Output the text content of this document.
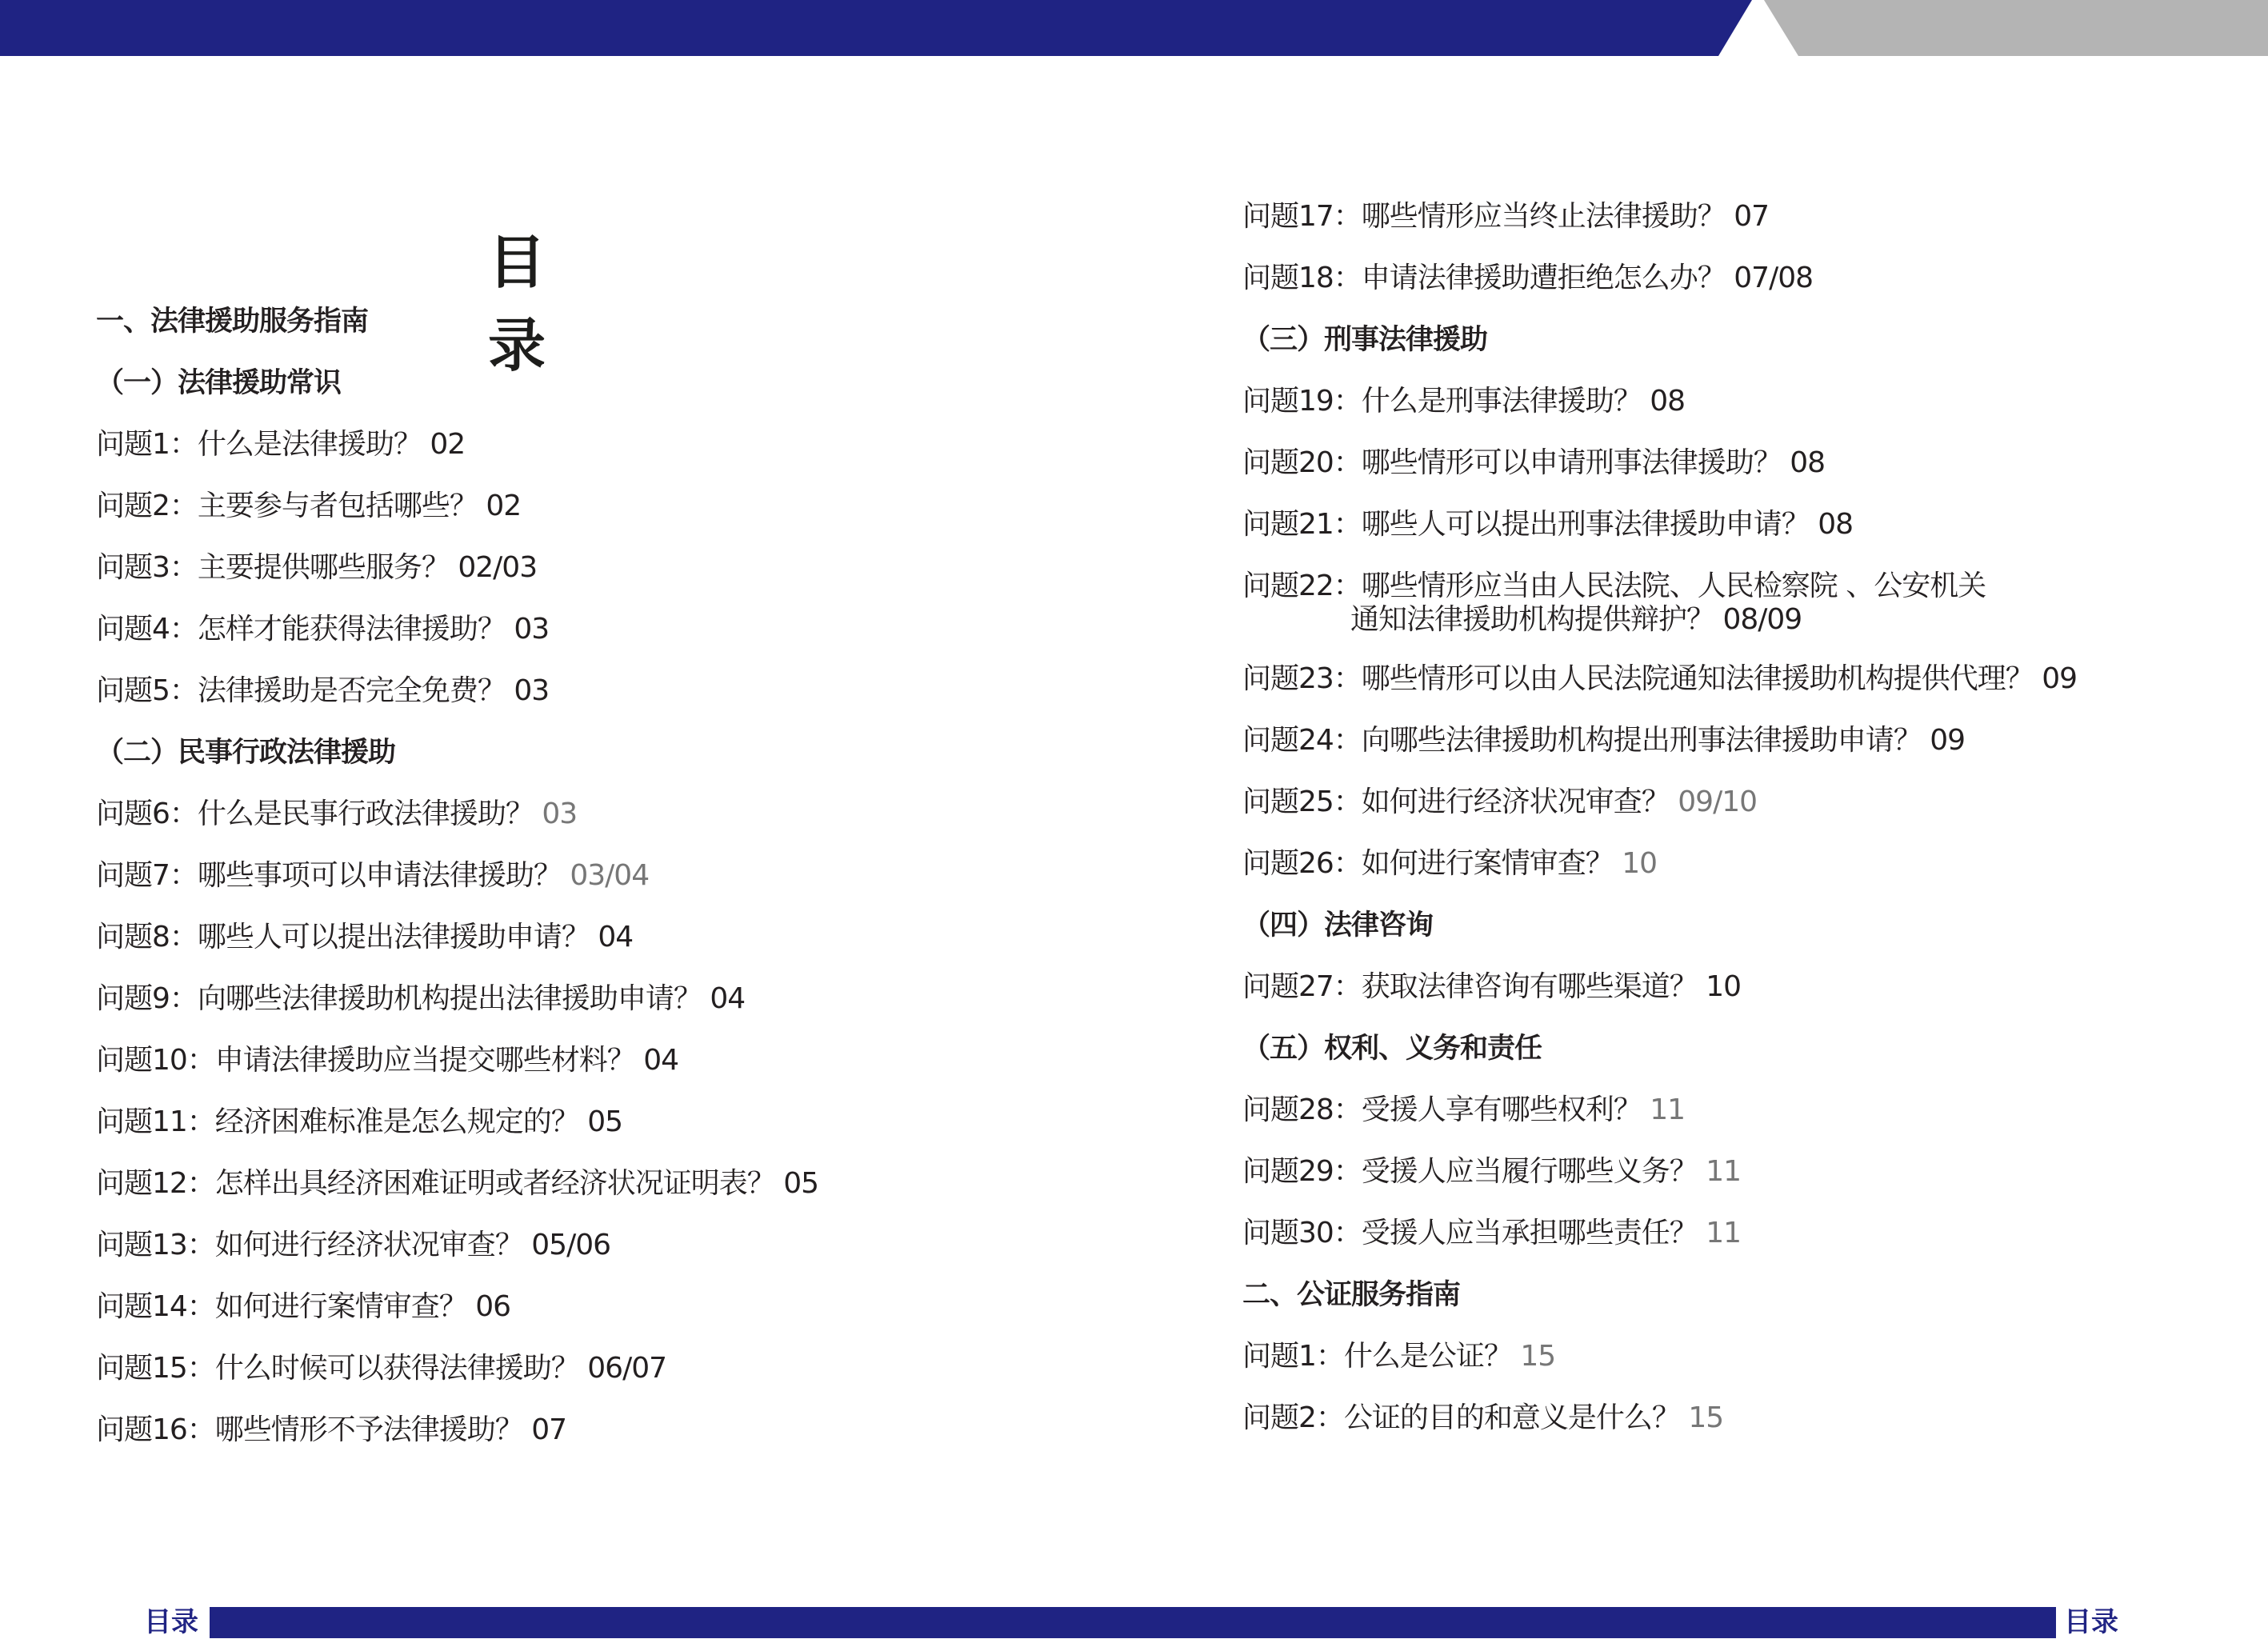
目 录
一、法律援助服务指南
（一）法律援助常识
问题1：什么是法律援助？ 02
问题2：主要参与者包括哪些？ 02
问题3：主要提供哪些服务？ 02/03
问题4：怎样才能获得法律援助？ 03
问题5：法律援助是否完全免费？ 03
（二）民事行政法律援助
问题6：什么是民事行政法律援助？ 03
问题7：哪些事项可以申请法律援助？ 03/04
问题8：哪些人可以提出法律援助申请？ 04
问题9：向哪些法律援助机构提出法律援助申请？ 04
问题10：申请法律援助应当提交哪些材料？ 04
问题11：经济困难标准是怎么规定的？ 05
问题12：怎样出具经济困难证明或者经济状况证明表？ 05
问题13：如何进行经济状况审查？ 05/06
问题14：如何进行案情审查？ 06
问题15：什么时候可以获得法律援助？ 06/07
问题16：哪些情形不予法律援助？ 07
问题17：哪些情形应当终止法律援助？ 07
问题18：申请法律援助遭拒绝怎么办？ 07/08
（三）刑事法律援助
问题19：什么是刑事法律援助？ 08
问题20：哪些情形可以申请刑事法律援助？ 08
问题21：哪些人可以提出刑事法律援助申请？ 08
问题22：哪些情形应当由人民法院、人民检察院 、公安机关
通知法律援助机构提供辩护？ 08/09
问题23：哪些情形可以由人民法院通知法律援助机构提供代理？ 09
问题24：向哪些法律援助机构提出刑事法律援助申请？ 09
问题25：如何进行经济状况审查？ 09/10
问题26：如何进行案情审查？ 10
（四）法律咨询
问题27：获取法律咨询有哪些渠道？ 10
（五）权利、义务和责任
问题28：受援人享有哪些权利？ 11
问题29：受援人应当履行哪些义务？ 11
问题30：受援人应当承担哪些责任？ 11
二、公证服务指南
问题1：什么是公证？ 15
问题2：公证的目的和意义是什么？ 15
目录	目录
